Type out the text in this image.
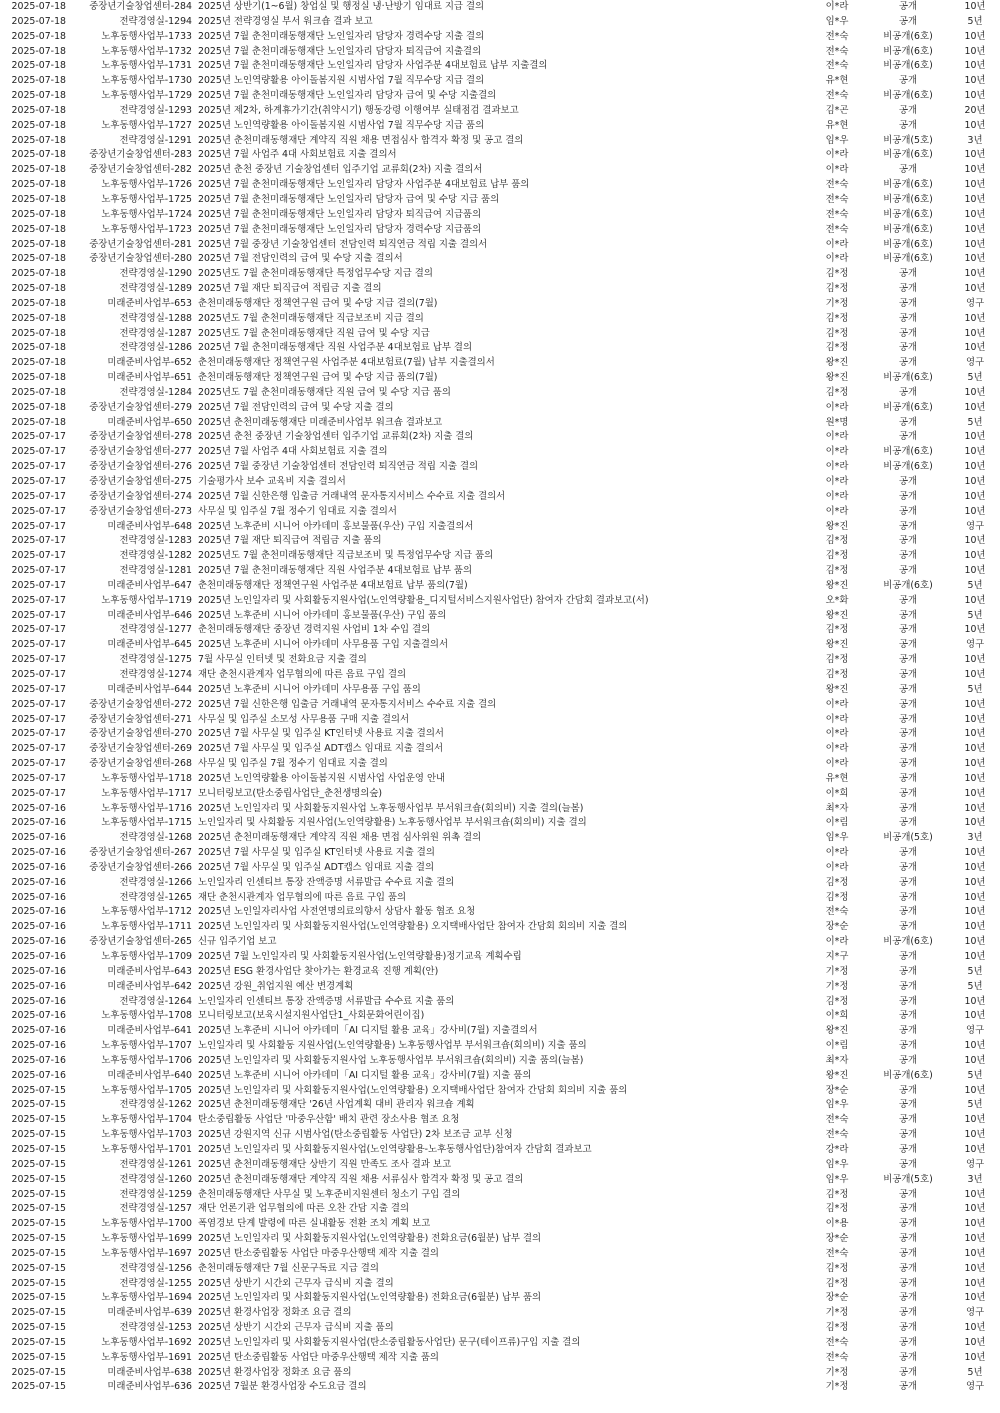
2025-07-18	중장년기술창업센터-284	2025년 상반기(1~6월) 창업실 및 행정실 냉·난방기 임대료 지급 결의	이*라	공개	10년
2025-07-18	전략경영실-1294	2025년 전략경영실 부서 워크숍 결과 보고	임*우	공개	5년
2025-07-18	노후동행사업부-1733	2025년 7월 춘천미래동행재단 노인일자리 담당자 경력수당 지출 결의	전*숙	비공개(6호)	10년
2025-07-18	노후동행사업부-1732	2025년 7월 춘천미래동행재단 노인일자리 담당자 퇴직급여 지출결의	전*숙	비공개(6호)	10년
2025-07-18	노후동행사업부-1731	2025년 7월 춘천미래동행재단 노인일자리 담당자 사업주분 4대보험료 납부 지출결의	전*숙	비공개(6호)	10년
2025-07-18	노후동행사업부-1730	2025년 노인역량활용 아이돌봄지원 시범사업 7월 직무수당 지급 결의	유*현	공개	10년
2025-07-18	노후동행사업부-1729	2025년 7월 춘천미래동행재단 노인일자리 담당자 급여 및 수당 지출결의	전*숙	비공개(6호)	10년
2025-07-18	전략경영실-1293	2025년 제2차, 하계휴가기간(취약시기) 행동강령 이행여부 실태점검 결과보고	김*곤	공개	20년
2025-07-18	노후동행사업부-1727	2025년 노인역량활용 아이돌봄지원 시범사업 7월 직무수당 지급 품의	유*현	공개	10년
2025-07-18	전략경영실-1291	2025년 춘천미래동행재단 계약직 직원 채용 면접심사 합격자 확정 및 공고 결의	임*우	비공개(5호)	3년
2025-07-18	중장년기술창업센터-283	2025년 7월 사업주 4대 사회보험료 지출 결의서	이*라	비공개(6호)	10년
2025-07-18	중장년기술창업센터-282	2025년 춘천 중장년 기술창업센터 입주기업 교류회(2차) 지출 결의서	이*라	공개	10년
2025-07-18	노후동행사업부-1726	2025년 7월 춘천미래동행재단 노인일자리 담당자 사업주분 4대보험료 납부 품의	전*숙	비공개(6호)	10년
2025-07-18	노후동행사업부-1725	2025년 7월 춘천미래동행재단 노인일자리 담당자 급여 및 수당 지급 품의	전*숙	비공개(6호)	10년
2025-07-18	노후동행사업부-1724	2025년 7월 춘천미래동행재단 노인일자리 담당자 퇴직급여 지급품의	전*숙	비공개(6호)	10년
2025-07-18	노후동행사업부-1723	2025년 7월 춘천미래동행재단 노인일자리 담당자 경력수당 지급품의	전*숙	비공개(6호)	10년
2025-07-18	중장년기술창업센터-281	2025년 7월 중장년 기술창업센터 전담인력 퇴직연금 적립 지출 결의서	이*라	비공개(6호)	10년
2025-07-18	중장년기술창업센터-280	2025년 7월 전담인력의 급여 및 수당 지출 결의서	이*라	비공개(6호)	10년
2025-07-18	전략경영실-1290	2025년도 7월 춘천미래동행재단 특정업무수당 지급 결의	김*정	공개	10년
2025-07-18	전략경영실-1289	2025년 7월 재단 퇴직급여 적립금 지출 결의	김*정	공개	10년
2025-07-18	미래준비사업부-653	춘천미래동행재단 정책연구원 급여 및 수당 지급 결의(7월)	기*정	공개	영구
2025-07-18	전략경영실-1288	2025년도 7월 춘천미래동행재단 직급보조비 지급 결의	김*정	공개	10년
2025-07-18	전략경영실-1287	2025년도 7월 춘천미래동행재단 직원 급여 및 수당 지급	김*정	공개	10년
2025-07-18	전략경영실-1286	2025년 7월 춘천미래동행재단 직원 사업주분 4대보험료 납부 결의	김*정	공개	10년
2025-07-18	미래준비사업부-652	춘천미래동행재단 정책연구원 사업주분 4대보험료(7월) 납부 지출결의서	왕*진	공개	영구
2025-07-18	미래준비사업부-651	춘천미래동행재단 정책연구원 급여 및 수당 지급 품의(7월)	왕*진	비공개(6호)	5년
2025-07-18	전략경영실-1284	2025년도 7월 춘천미래동행재단 직원 급여 및 수당 지급 품의	김*정	공개	10년
2025-07-18	중장년기술창업센터-279	2025년 7월 전담인력의 급여 및 수당 지출 결의	이*라	비공개(6호)	10년
2025-07-18	미래준비사업부-650	2025년 춘천미래동행재단 미래준비사업부 워크숍 결과보고	원*명	공개	5년
2025-07-17	중장년기술창업센터-278	2025년 춘천 중장년 기술창업센터 입주기업 교류회(2차) 지출 결의	이*라	공개	10년
2025-07-17	중장년기술창업센터-277	2025년 7월 사업주 4대 사회보험료 지출 결의	이*라	비공개(6호)	10년
2025-07-17	중장년기술창업센터-276	2025년 7월 중장년 기술창업센터 전담인력 퇴직연금 적립 지출 결의	이*라	비공개(6호)	10년
2025-07-17	중장년기술창업센터-275	기술평가사 보수 교육비 지출 결의서	이*라	공개	10년
2025-07-17	중장년기술창업센터-274	2025년 7월 신한은행 입출금 거래내역 문자통지서비스 수수료 지출 결의서	이*라	공개	10년
2025-07-17	중장년기술창업센터-273	사무실 및 입주실 7월 정수기 임대료 지출 결의서	이*라	공개	10년
2025-07-17	미래준비사업부-648	2025년 노후준비 시니어 아카데미 홍보물품(우산) 구입 지출결의서	왕*진	공개	영구
2025-07-17	전략경영실-1283	2025년 7월 재단 퇴직급여 적립금 지출 품의	김*정	공개	10년
2025-07-17	전략경영실-1282	2025년도 7월 춘천미래동행재단 직급보조비 및 특정업무수당 지급 품의	김*정	공개	10년
2025-07-17	전략경영실-1281	2025년 7월 춘천미래동행재단 직원 사업주분 4대보험료 납부 품의	김*정	공개	10년
2025-07-17	미래준비사업부-647	춘천미래동행재단 정책연구원 사업주분 4대보험료 납부 품의(7월)	왕*진	비공개(6호)	5년
2025-07-17	노후동행사업부-1719	2025년 노인일자리 및 사회활동지원사업(노인역량활용_디지털서비스지원사업단) 참여자 간담회 결과보고(서)	오*화	공개	10년
2025-07-17	미래준비사업부-646	2025년 노후준비 시니어 아카데미 홍보물품(우산) 구입 품의	왕*진	공개	5년
2025-07-17	전략경영실-1277	춘천미래동행재단 중장년 경력지원 사업비 1차 수입 결의	김*정	공개	10년
2025-07-17	미래준비사업부-645	2025년 노후준비 시니어 아카데미 사무용품 구입 지출결의서	왕*진	공개	영구
2025-07-17	전략경영실-1275	7월 사무실 인터넷 및 전화요금 지출 결의	김*정	공개	10년
2025-07-17	전략경영실-1274	재단 춘천시관계자 업무협의에 따른 음료 구입 결의	김*정	공개	10년
2025-07-17	미래준비사업부-644	2025년 노후준비 시니어 아카데미 사무용품 구입 품의	왕*진	공개	5년
2025-07-17	중장년기술창업센터-272	2025년 7월 신한은행 입출금 거래내역 문자통지서비스 수수료 지출 결의	이*라	공개	10년
2025-07-17	중장년기술창업센터-271	사무실 및 입주실 소모성 사무용품 구매 지출 결의서	이*라	공개	10년
2025-07-17	중장년기술창업센터-270	2025년 7월 사무실 및 입주실 KT인터넷 사용료 지출 결의서	이*라	공개	10년
2025-07-17	중장년기술창업센터-269	2025년 7월 사무실 및 입주실 ADT캡스 임대료 지출 결의서	이*라	공개	10년
2025-07-17	중장년기술창업센터-268	사무실 및 입주실 7월 정수기 임대료 지출 결의	이*라	공개	10년
2025-07-17	노후동행사업부-1718	2025년 노인역량활용 아이돌봄지원 시범사업 사업운영 안내	유*현	공개	10년
2025-07-17	노후동행사업부-1717	모니터링보고(탄소중립사업단_춘천생명의숲)	이*희	공개	10년
2025-07-16	노후동행사업부-1716	2025년 노인일자리 및 사회활동지원사업 노후동행사업부 부서워크숍(회의비) 지출 결의(늘봄)	최*자	공개	10년
2025-07-16	노후동행사업부-1715	노인일자리 및 사회활동 지원사업(노인역량활용) 노후동행사업부 부서워크숍(회의비) 지출 결의	이*림	공개	10년
2025-07-16	전략경영실-1268	2025년 춘천미래동행재단 계약직 직원 채용 면접 심사위원 위촉 결의	임*우	비공개(5호)	3년
2025-07-16	중장년기술창업센터-267	2025년 7월 사무실 및 입주실 KT인터넷 사용료 지출 결의	이*라	공개	10년
2025-07-16	중장년기술창업센터-266	2025년 7월 사무실 및 입주실 ADT캡스 임대료 지출 결의	이*라	공개	10년
2025-07-16	전략경영실-1266	노인일자리 인센티브 통장 잔액증명 서류발급 수수료 지출 결의	김*정	공개	10년
2025-07-16	전략경영실-1265	재단 춘천시관계자 업무협의에 따른 음료 구입 품의	김*정	공개	10년
2025-07-16	노후동행사업부-1712	2025년 노인일자리사업 사전연명의료의향서 상담사 활동 협조 요청	전*숙	공개	10년
2025-07-16	노후동행사업부-1711	2025년 노인일자리 및 사회활동지원사업(노인역량활용) 오지택배사업단 참여자 간담회 회의비 지출 결의	장*순	공개	10년
2025-07-16	중장년기술창업센터-265	신규 입주기업 보고	이*라	비공개(6호)	10년
2025-07-16	노후동행사업부-1709	2025년 7월 노인일자리 및 사회활동지원사업(노인역량활용)정기교육 계획수립	지*구	공개	10년
2025-07-16	미래준비사업부-643	2025년 ESG 환경사업단 찾아가는 환경교육 진행 계획(안)	기*정	공개	5년
2025-07-16	미래준비사업부-642	2025년 강원_취업지원 예산 변경계획	기*정	공개	5년
2025-07-16	전략경영실-1264	노인일자리 인센티브 통장 잔액증명 서류발급 수수료 지출 품의	김*정	공개	10년
2025-07-16	노후동행사업부-1708	모니터링보고(보육시설지원사업단1_사회문화어린이집)	이*희	공개	10년
2025-07-16	미래준비사업부-641	2025년 노후준비 시니어 아카데미「AI 디지털 활용 교육」강사비(7월) 지출결의서	왕*진	공개	영구
2025-07-16	노후동행사업부-1707	노인일자리 및 사회활동 지원사업(노인역량활용) 노후동행사업부 부서워크숍(회의비) 지출 품의	이*림	공개	10년
2025-07-16	노후동행사업부-1706	2025년 노인일자리 및 사회활동지원사업 노후동행사업부 부서워크숍(회의비) 지출 품의(늘봄)	최*자	공개	10년
2025-07-16	미래준비사업부-640	2025년 노후준비 시니어 아카데미「AI 디지털 활용 교육」강사비(7월) 지출 품의	왕*진	비공개(6호)	5년
2025-07-15	노후동행사업부-1705	2025년 노인일자리 및 사회활동지원사업(노인역량활용) 오지택배사업단 참여자 간담회 회의비 지출 품의	장*순	공개	10년
2025-07-15	전략경영실-1262	2025년 춘천미래동행재단 '26년 사업계획 대비 관리자 워크숍 계획	임*우	공개	5년
2025-07-15	노후동행사업부-1704	탄소중립활동 사업단 '마중우산함' 배치 관련 장소사용 협조 요청	전*숙	공개	10년
2025-07-15	노후동행사업부-1703	2025년 강원지역 신규 시범사업(탄소중립활동 사업단) 2차 보조금 교부 신청	전*숙	공개	10년
2025-07-15	노후동행사업부-1701	2025년 노인일자리 및 사회활동지원사업(노인역량활용-노후동행사업단)참여자 간담회 결과보고	강*라	공개	10년
2025-07-15	전략경영실-1261	2025년 춘천미래동행재단 상반기 직원 만족도 조사 결과 보고	임*우	공개	영구
2025-07-15	전략경영실-1260	2025년 춘천미래동행재단 계약직 직원 채용 서류심사 합격자 확정 및 공고 결의	임*우	비공개(5호)	3년
2025-07-15	전략경영실-1259	춘천미래동행재단 사무실 및 노후준비지원센터 청소기 구입 결의	김*정	공개	10년
2025-07-15	전략경영실-1257	재단 언론기관 업무협의에 따른 오찬 간담 지출 결의	김*정	공개	10년
2025-07-15	노후동행사업부-1700	폭염경보 단계 발령에 따른 실내활동 전환 조치 계획 보고	이*용	공개	10년
2025-07-15	노후동행사업부-1699	2025년 노인일자리 및 사회활동지원사업(노인역량활용) 전화요금(6월분) 납부 결의	장*순	공개	10년
2025-07-15	노후동행사업부-1697	2025년 탄소중립활동 사업단 마중우산행택 제작 지출 결의	전*숙	공개	10년
2025-07-15	전략경영실-1256	춘천미래동행재단 7월 신문구독료 지급 결의	김*정	공개	10년
2025-07-15	전략경영실-1255	2025년 상반기 시간외 근무자 급식비 지출 결의	김*정	공개	10년
2025-07-15	노후동행사업부-1694	2025년 노인일자리 및 사회활동지원사업(노인역량활용) 전화요금(6월분) 납부 품의	장*순	공개	10년
2025-07-15	미래준비사업부-639	2025년 환경사업장 정화조 요금 결의	기*정	공개	영구
2025-07-15	전략경영실-1253	2025년 상반기 시간외 근무자 급식비 지출 품의	김*정	공개	10년
2025-07-15	노후동행사업부-1692	2025년 노인일자리 및 사회활동지원사업(탄소중립활동사업단) 문구(테이프류)구입 지출 결의	전*숙	공개	10년
2025-07-15	노후동행사업부-1691	2025년 탄소중립활동 사업단 마중우산행택 제작 지출 품의	전*숙	공개	10년
2025-07-15	미래준비사업부-638	2025년 환경사업장 정화조 요금 품의	기*정	공개	5년
2025-07-15	미래준비사업부-636	2025년 7월분 환경사업장 수도요금 결의	기*정	공개	영구
